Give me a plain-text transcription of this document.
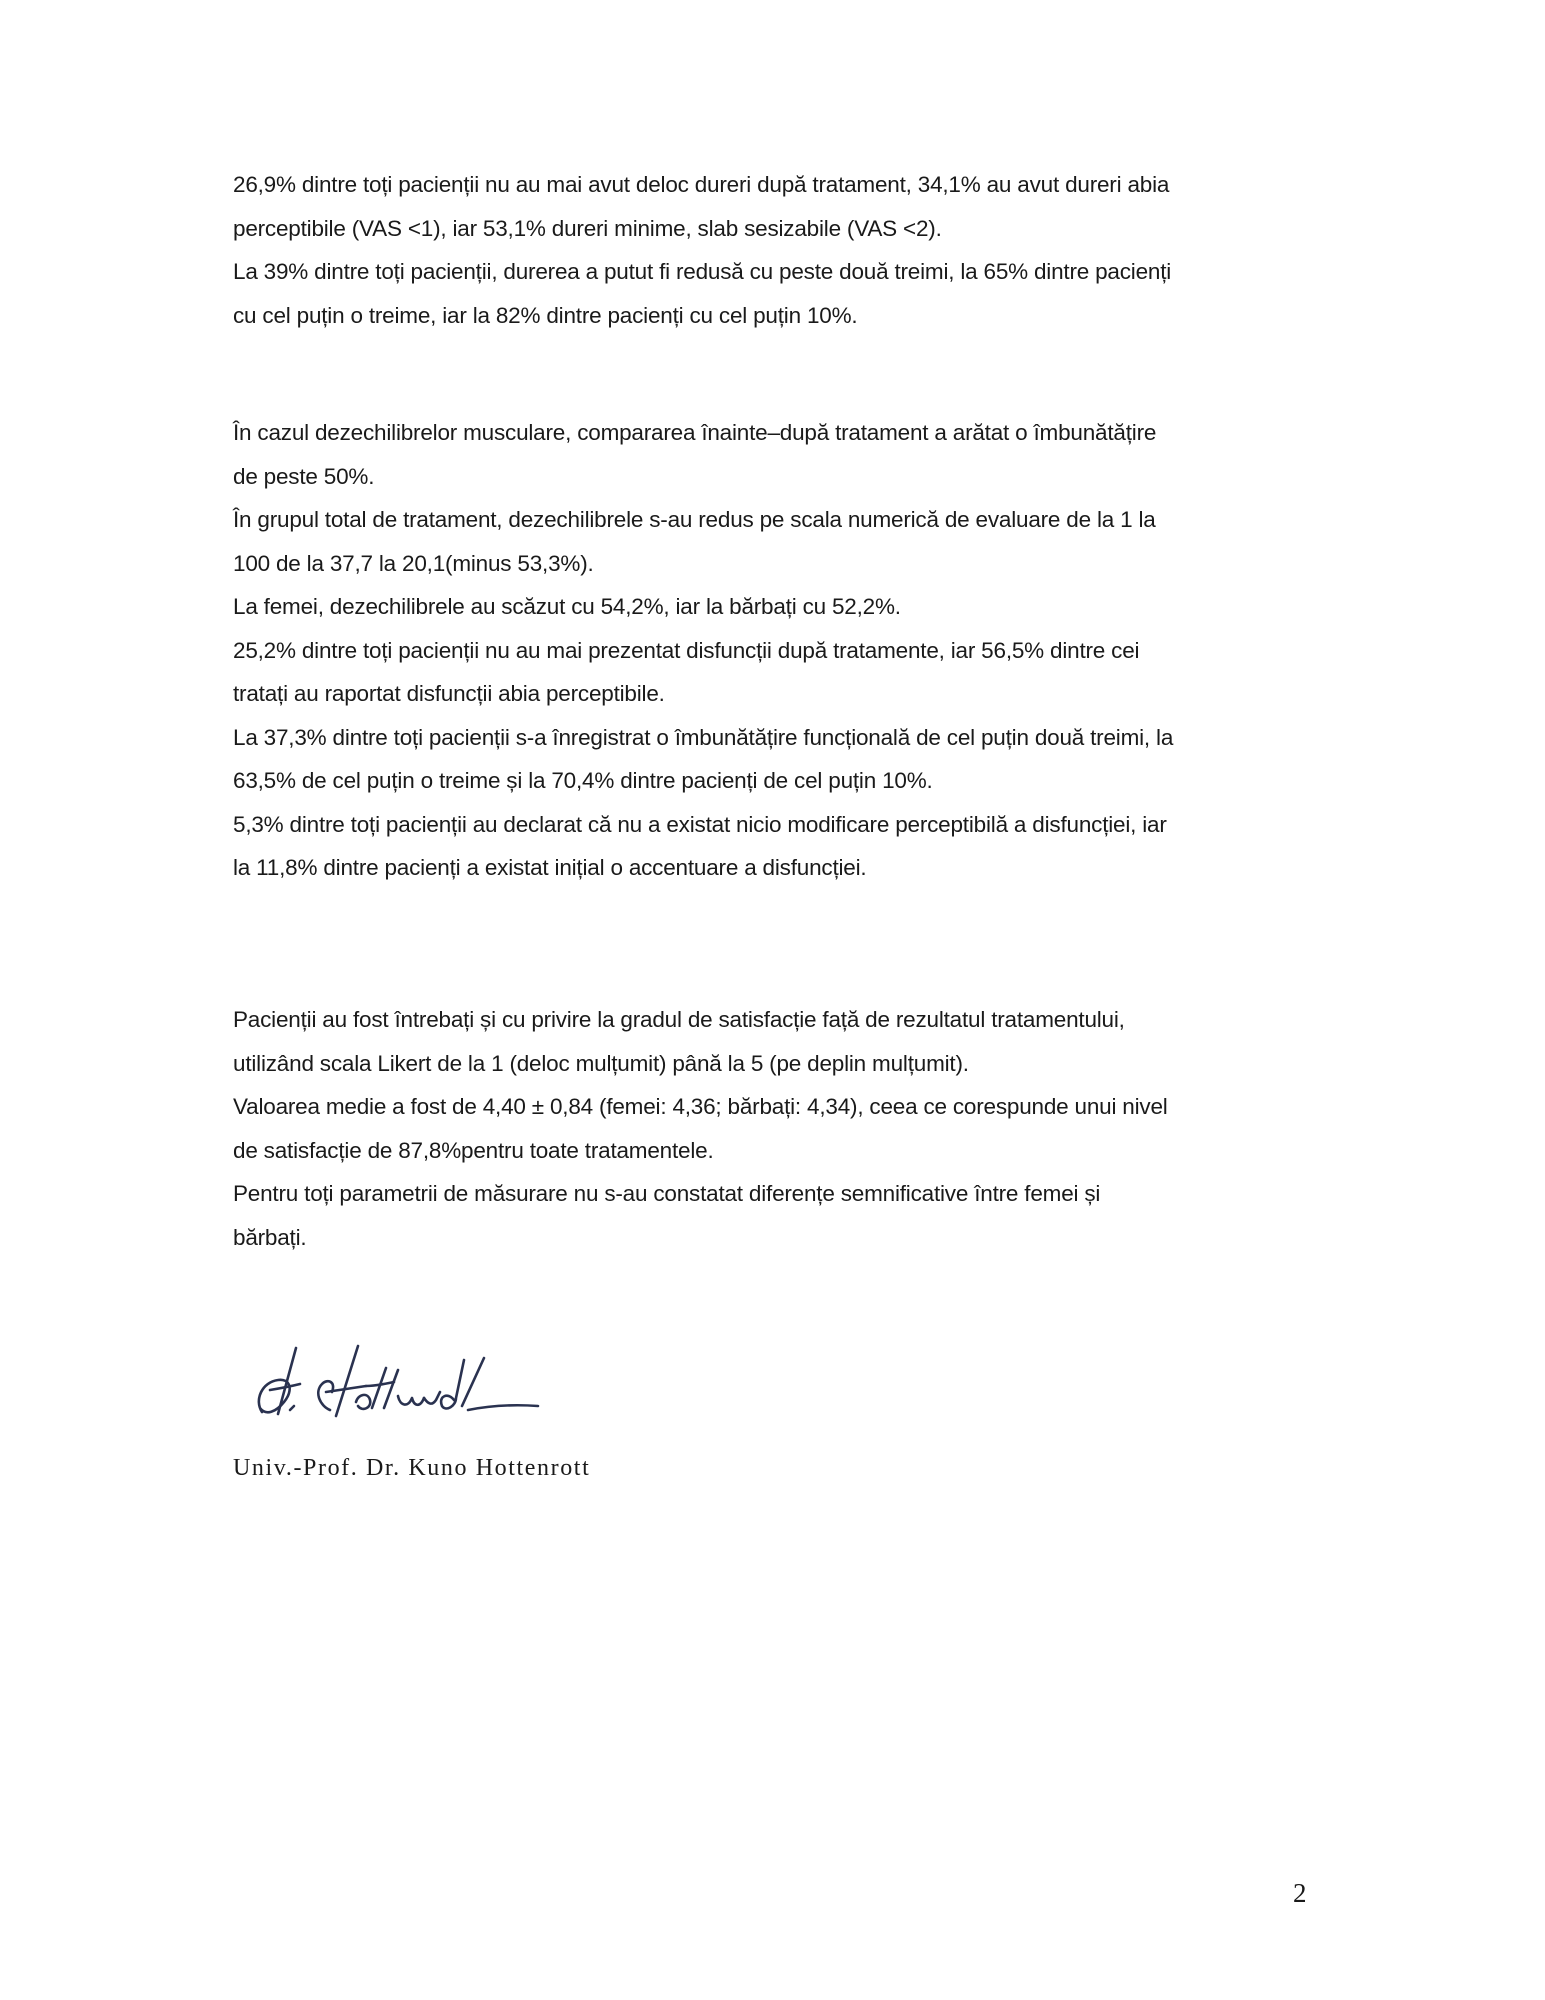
26,9% dintre toți pacienții nu au mai avut deloc dureri după tratament, 34,1% au avut dureri abia

perceptibile (VAS <1), iar 53,1% dureri minime, slab sesizabile (VAS <2).

La 39% dintre toți pacienții, durerea a putut fi redusă cu peste două treimi, la 65% dintre pacienți

cu cel puțin o treime, iar la 82% dintre pacienți cu cel puțin 10%.

În cazul dezechilibrelor musculare, compararea înainte–după tratament a arătat o îmbunătățire

de peste 50%.

În grupul total de tratament, dezechilibrele s-au redus pe scala numerică de evaluare de la 1 la

100 de la 37,7 la 20,1(minus 53,3%).

La femei, dezechilibrele au scăzut cu 54,2%, iar la bărbați cu 52,2%.

25,2% dintre toți pacienții nu au mai prezentat disfuncții după tratamente, iar 56,5% dintre cei

tratați au raportat disfuncții abia perceptibile.

La 37,3% dintre toți pacienții s-a înregistrat o îmbunătățire funcțională de cel puțin două treimi, la

63,5% de cel puțin o treime și la 70,4% dintre pacienți de cel puțin 10%.

5,3% dintre toți pacienții au declarat că nu a existat nicio modificare perceptibilă a disfuncției, iar

la 11,8% dintre pacienți a existat inițial o accentuare a disfuncției.

Pacienții au fost întrebați și cu privire la gradul de satisfacție față de rezultatul tratamentului,

utilizând scala Likert de la 1 (deloc mulțumit) până la 5 (pe deplin mulțumit).

Valoarea medie a fost de 4,40 ± 0,84 (femei: 4,36; bărbați: 4,34), ceea ce corespunde unui nivel

de satisfacție de 87,8%pentru toate tratamentele.

Pentru toți parametrii de măsurare nu s-au constatat diferențe semnificative între femei și

bărbați.

Univ.-Prof. Dr. Kuno Hottenrott
2
